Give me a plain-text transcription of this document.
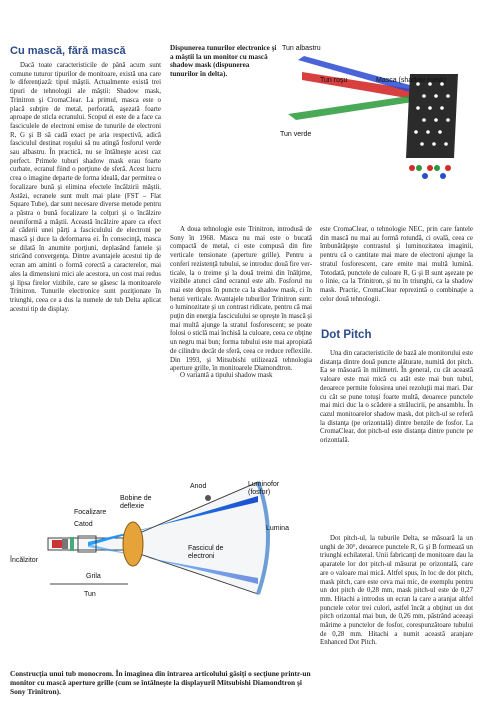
Cu mască, fără mască
Dacă toate caracteristicile de până acum sunt comune tuturor tipurilor de monitoare, există una care le diferenţiază: tipul măştii. Actualmente există trei tipuri de tehnologii ale măştii: Shadow mask, Trinitron şi CromaClear. La primul, masca este o placă subţire de metal, perforată, aşezată foarte aproape de sticla ecranului. Scopul ei este de a face ca fasciculele de electroni emise de tunurile de electroni R, G şi B să cadă exact pe aria respectivă, adică fasciculul destinat roşului să nu atingă fosforul verde sau albastru. În practică, nu se întâlneşte acest caz perfect. Primele tuburi shadow mask erau foarte curbate, ecranul fiind o porţiune de sferă. Acest lucru crea o imagine departe de forma ideală, dar permitea o focalizare bună şi elimina efectele încălzirii măştii. Astăzi, ecranele sunt mult mai plate (FST – Flat Square Tube), dar sunt necesare diverse metode pentru a păstra o bună focalizare la colţuri şi o încălzire neuniformă a măştii. Această încălzire apare ca efect al căderii unei părţi a fasciculului de electroni pe mască şi duce la deformarea ei. În consecinţă, masca se dilată în anumite porţiuni, deplasând fantele şi stricând convergenţa. Dintre avantajele acestui tip de ecran am aminti o formă corectă a caracterelor, mai ales la dimensiuni mici ale acestora, un cost mai redus şi lipsa firelor vizibile, care se găsesc la monitoarele Trinitron. Tunurile electronice sunt poziţionate în triunghi, ceea ce a dus la numele de tub Delta aplicat acestui tip de display.
Dispunerea tunurilor electronice şi a măştii la un monitor cu mască shadow mask (dispunerea tunurilor în delta).
Tun albastru
Tun roşu	Masca (shadow mask)
Tun verde
A doua tehnologie este Trinitron, introdusă de Sony în 1968. Masca nu mai este o bucată compactă de metal, ci este compusă din fire verticale tensionate (aperture grille). Pentru a conferi rezistenţă tubului, se introduc două fire verticale, la o treime şi la două treimi din înălţime, vizibile atunci când ecranul este alb. Fosforul nu mai este depus în puncte ca la shadow mask, ci în benzi verticale. Avantajele tuburilor Trinitron sunt: o luminozitate şi un contrast ridicate, pentru că mai puţin din energia fasciculului se opreşte în mască şi mai multă ajunge la stratul fosforescent; se poate folosi o sticlă mai închisă la culoare, ceea ce obţine un negru mai bun; forma tubului este mai apropiată de cilindru decât de sferă, ceea ce reduce reflexiile. Din 1993, şi Mitsubishi utilizează tehnologia aperture grille, în monitoarele Diamondtron.
O variantă a tipului shadow mask
este CromaClear, o tehnologie NEC, prin care fantele din mască nu mai au formă rotundă, ci ovală, ceea ce îmbunătăţeşte contrastul şi luminozitatea imaginii, pentru că o cantitate mai mare de electroni ajunge la stratul fosforescent, care emite mai multă lumină. Totodată, punctele de culoare R, G şi B sunt aşezate pe o linie, ca la Trinitron, şi nu în triunghi, ca la shadow mask. Practic, CromaClear reprezintă o combinaţie a celor două tehnologii.
Dot Pitch
Una din caracteristicile de bază ale monitorului este distanţa dintre două puncte alăturate, numită dot pitch. Ea se măsoară în milimetri. În general, cu cât această valoare este mai mică cu atât este mai bun tubul, deoarece permite folosirea unei rezoluţii mai mari. Dar cu cât se pune totuşi foarte multă, deoarece punctele mai mici duc la o scădere a strălucirii, pe ansamblu. În cazul monitoarelor shadow mask, dot pitch-ul se referă la distanţa (pe orizontală) dintre benzile de fosfor. La CromaClear, dot pitch-ul este distanţa dintre puncte pe orizontală.
Dot pitch-ul, la tuburile Delta, se măsoară la un unghi de 30°, deoarece punctele R, G şi B formează un triunghi echilateral. Unii fabricanţi de monitoare dau la aparatele lor dot pitch-ul măsurat pe orizontală, care are o valoare mai mică. Altfel spus, în loc de dot pitch, mask pitch, care este cevа mai mic, de exemplu pentru un dot pitch de 0,28 mm, mask pitch-ul este de 0,27 mm. Hitachi a introdus un ecran la care a aranjat altfel punctele celor trei culori, astfel încât a obţinut un dot pitch orizontal mai bun, de 0,26 mm, păstrând aceeaşi mărime a punctelor de fosfor, corespunzătoare tubului de 0,28 mm. Hitachi a numit această aranjare Enhanced Dot Pitch.
Anod	Luminofor (fosfor)
Bobine de deflexie
Focalizare
Catod
Încălzitor
Fascicul de electroni
Lumina
Grila
Tun
Construcţia unui tub monocrom. În imaginea din intrarea articolului găsiţi o secţiune printr-un monitor cu mască aperture grille (cum se întâlneşte la displayuril Mitsubishi Diamondtron şi Sony Trinitron).
